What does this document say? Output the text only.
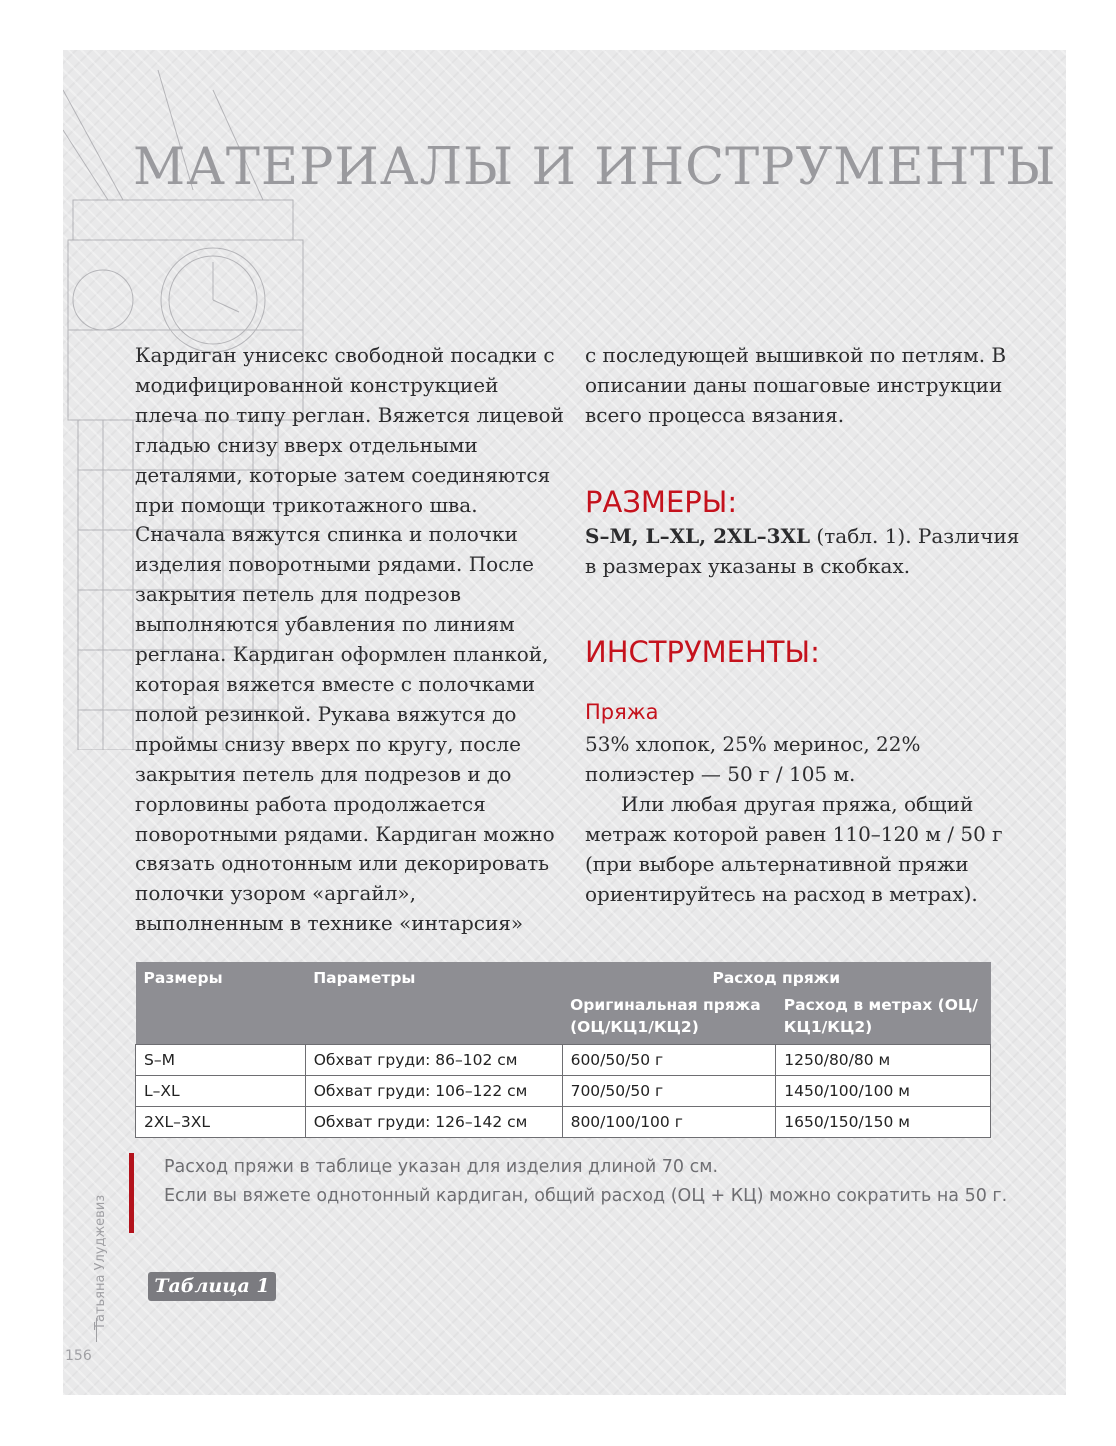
МАТЕРИАЛЫ И ИНСТРУМЕНТЫ

Кардиган унисекс свободной посадки с модифицированной конструкцией плеча по типу реглан. Вяжется лицевой гладью снизу вверх отдельными деталями, которые затем соединяются при помощи трикотажного шва. Сначала вяжутся спинка и полочки изделия поворотными рядами. После закрытия петель для подрезов выполняются убавления по линиям реглана. Кардиган оформлен планкой, которая вяжется вместе с полочками полой резинкой. Рукава вяжутся до проймы снизу вверх по кругу, после закрытия петель для подрезов и до горловины работа продолжается поворотными рядами. Кардиган можно связать однотонным или декорировать полочки узором «аргайл», выполненным в технике «интарсия»

с последующей вышивкой по петлям. В описании даны пошаговые инструкции всего процесса вязания.

РАЗМЕРЫ:

S–M, L–XL, 2XL–3XL (табл. 1). Различия в размерах указаны в скобках.

ИНСТРУМЕНТЫ:
Пряжа

53% хлопок, 25% меринос, 22% полиэстер — 50 г / 105 м.

Или любая другая пряжа, общий метраж которой равен 110–120 м / 50 г (при выборе альтернативной пряжи ориентируйтесь на расход в метрах).

Размеры	Параметры	Расход пряжи	
		Оригинальная пряжа (ОЦ/КЦ1/КЦ2)	Расход в метрах (ОЦ/КЦ1/КЦ2)
S–M	Обхват груди: 86–102 см	600/50/50 г	1250/80/80 м
L–XL	Обхват груди: 106–122 см	700/50/50 г	1450/100/100 м
2XL–3XL	Обхват груди: 126–142 см	800/100/100 г	1650/150/150 м

Расход пряжи в таблице указан для изделия длиной 70 см.

Если вы вяжете однотонный кардиган, общий расход (ОЦ + КЦ) можно сократить на 50 г.

Таблица 1
Татьяна Улуджевиз
156
